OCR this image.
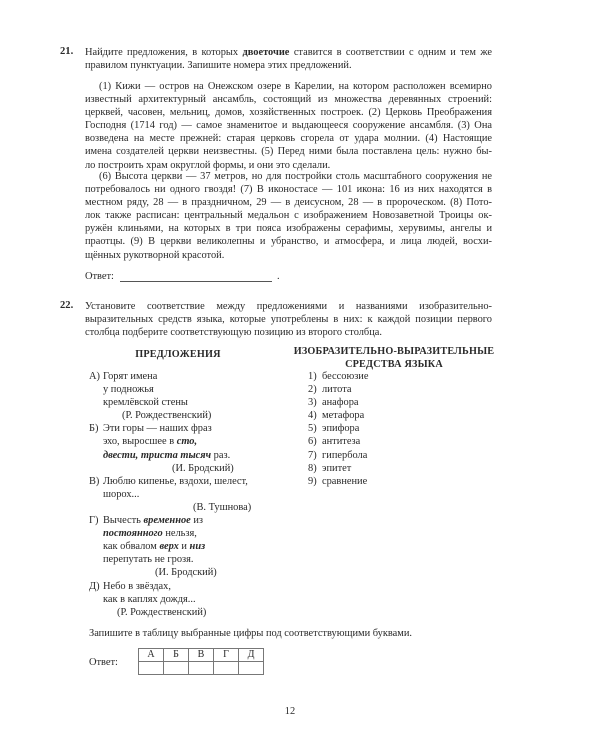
21. Найдите предложения, в которых двоеточие ставится в соответствии с одним и тем же
правилом пунктуации. Запишите номера этих предложений.
(1) Кижи — остров на Онежском озере в Карелии, на котором расположен всемирно
известный архитектурный ансамбль, состоящий из множества деревянных строений:
церквей, часовен, мельниц, домов, хозяйственных построек. (2) Церковь Преображения
Господня (1714 год) — самое знаменитое и выдающееся сооружение ансамбля. (3) Она
возведена на месте прежней: старая церковь сгорела от удара молнии. (4) Настоящие
имена создателей церкви неизвестны. (5) Перед ними была поставлена цель: нужно бы-
ло построить храм округлой формы, и они это сделали.
(6) Высота церкви — 37 метров, но для постройки столь масштабного сооружения не
потребовалось ни одного гвоздя! (7) В иконостасе — 101 икона: 16 из них находятся в
местном ряду, 28 — в праздничном, 29 — в деисусном, 28 — в пророческом. (8) Пото-
лок также расписан: центральный медальон с изображением Новозаветной Троицы ок-
ружён клиньями, на которых в три пояса изображены серафимы, херувимы, ангелы и
праотцы. (9) В церкви великолепны и убранство, и атмосфера, и лица людей, восхи-
щённых рукотворной красотой.
Ответ:	.
22. Установите соответствие между предложениями и названиями изобразительно-
выразительных средств языка, которые употреблены в них: к каждой позиции первого
столбца подберите соответствующую позицию из второго столбца.
ПРЕДЛОЖЕНИЯ	ИЗОБРАЗИТЕЛЬНО-ВЫРАЗИТЕЛЬНЫЕ
СРЕДСТВА ЯЗЫКА
А) Горят имена
у подножья
кремлёвской стены
(Р. Рождественский)
Б) Эти горы — наших фраз
эхо, выросшее в сто,
двести, триста тысяч раз.
(И. Бродский)
В) Люблю кипенье, вздохи, шелест,
шорох...
(В. Тушнова)
Г) Вычесть временное из
постоянного нельзя,
как обвалом верх и низ
перепутать не грозя.
(И. Бродский)
Д) Небо в звёздах,
как в каплях дождя...
(Р. Рождественский)
1) бессоюзие
2) литота
3) анафора
4) метафора
5) эпифора
6) антитеза
7) гипербола
8) эпитет
9) сравнение
Запишите в таблицу выбранные цифры под соответствующими буквами.
Ответ:
А	Б	В	Г	Д

12
